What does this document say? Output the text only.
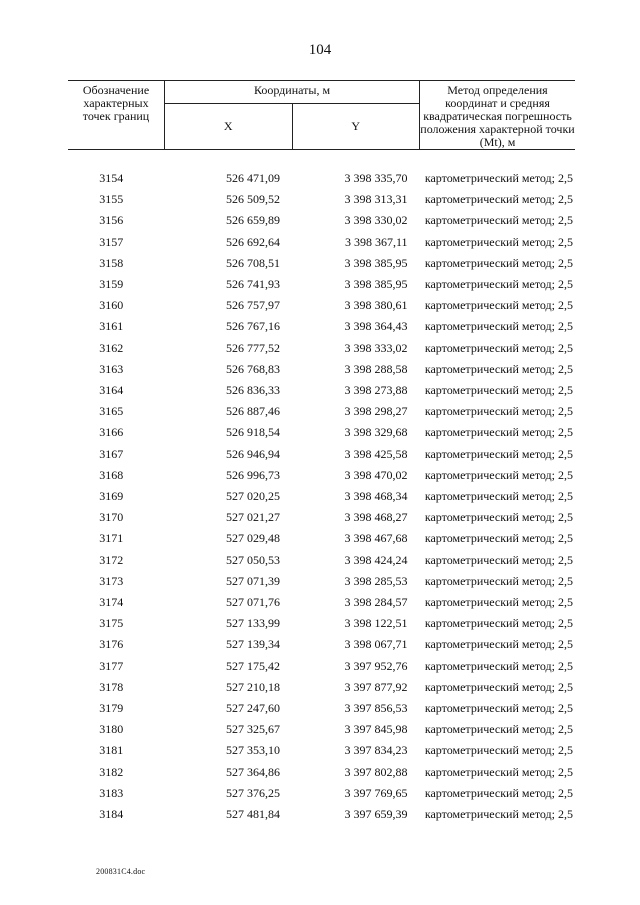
104
Обозначение характерных точек границ	Координаты, м		Метод определения координат и средняя квадратическая погрешность положения характерной точки (Mt), м
	X	Y	
3154	526 471,09	3 398 335,70	картометрический метод; 2,5
3155	526 509,52	3 398 313,31	картометрический метод; 2,5
3156	526 659,89	3 398 330,02	картометрический метод; 2,5
3157	526 692,64	3 398 367,11	картометрический метод; 2,5
3158	526 708,51	3 398 385,95	картометрический метод; 2,5
3159	526 741,93	3 398 385,95	картометрический метод; 2,5
3160	526 757,97	3 398 380,61	картометрический метод; 2,5
3161	526 767,16	3 398 364,43	картометрический метод; 2,5
3162	526 777,52	3 398 333,02	картометрический метод; 2,5
3163	526 768,83	3 398 288,58	картометрический метод; 2,5
3164	526 836,33	3 398 273,88	картометрический метод; 2,5
3165	526 887,46	3 398 298,27	картометрический метод; 2,5
3166	526 918,54	3 398 329,68	картометрический метод; 2,5
3167	526 946,94	3 398 425,58	картометрический метод; 2,5
3168	526 996,73	3 398 470,02	картометрический метод; 2,5
3169	527 020,25	3 398 468,34	картометрический метод; 2,5
3170	527 021,27	3 398 468,27	картометрический метод; 2,5
3171	527 029,48	3 398 467,68	картометрический метод; 2,5
3172	527 050,53	3 398 424,24	картометрический метод; 2,5
3173	527 071,39	3 398 285,53	картометрический метод; 2,5
3174	527 071,76	3 398 284,57	картометрический метод; 2,5
3175	527 133,99	3 398 122,51	картометрический метод; 2,5
3176	527 139,34	3 398 067,71	картометрический метод; 2,5
3177	527 175,42	3 397 952,76	картометрический метод; 2,5
3178	527 210,18	3 397 877,92	картометрический метод; 2,5
3179	527 247,60	3 397 856,53	картометрический метод; 2,5
3180	527 325,67	3 397 845,98	картометрический метод; 2,5
3181	527 353,10	3 397 834,23	картометрический метод; 2,5
3182	527 364,86	3 397 802,88	картометрический метод; 2,5
3183	527 376,25	3 397 769,65	картометрический метод; 2,5
3184	527 481,84	3 397 659,39	картометрический метод; 2,5
200831С4.doc
